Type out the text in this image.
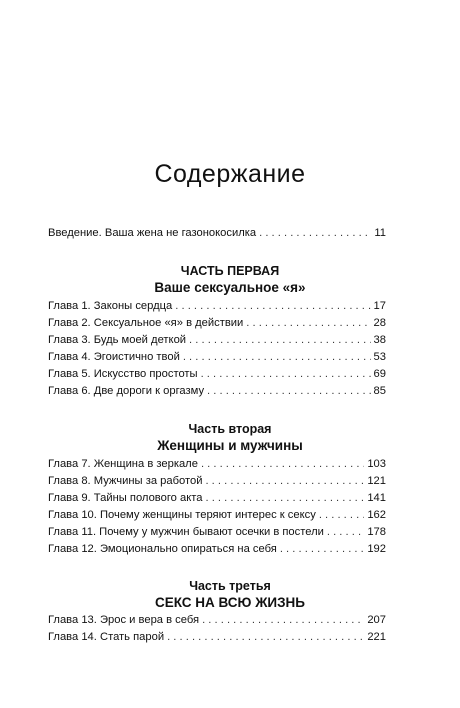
Содержание
Введение. Ваша жена не газонокосилка . . .	11
ЧАСТЬ ПЕРВАЯ
Ваше сексуальное «я»
Глава 1. Законы сердца . . .	17
Глава 2. Сексуальное «я» в действии . . .	28
Глава 3. Будь моей деткой . . .	38
Глава 4. Эгоистично твой . . .	53
Глава 5. Искусство простоты . . .	69
Глава 6. Две дороги к оргазму . . .	85
Часть вторая
Женщины и мужчины
Глава 7. Женщина в зеркале . . .	103
Глава 8. Мужчины за работой . . .	121
Глава 9. Тайны полового акта . . .	141
Глава 10. Почему женщины теряют интерес к сексу . . .	162
Глава 11. Почему у мужчин бывают осечки в постели . . .	178
Глава 12. Эмоционально опираться на себя . . .	192
Часть третья
СЕКС НА ВСЮ ЖИЗНЬ
Глава 13. Эрос и вера в себя . . .	207
Глава 14. Стать парой . . .	221
